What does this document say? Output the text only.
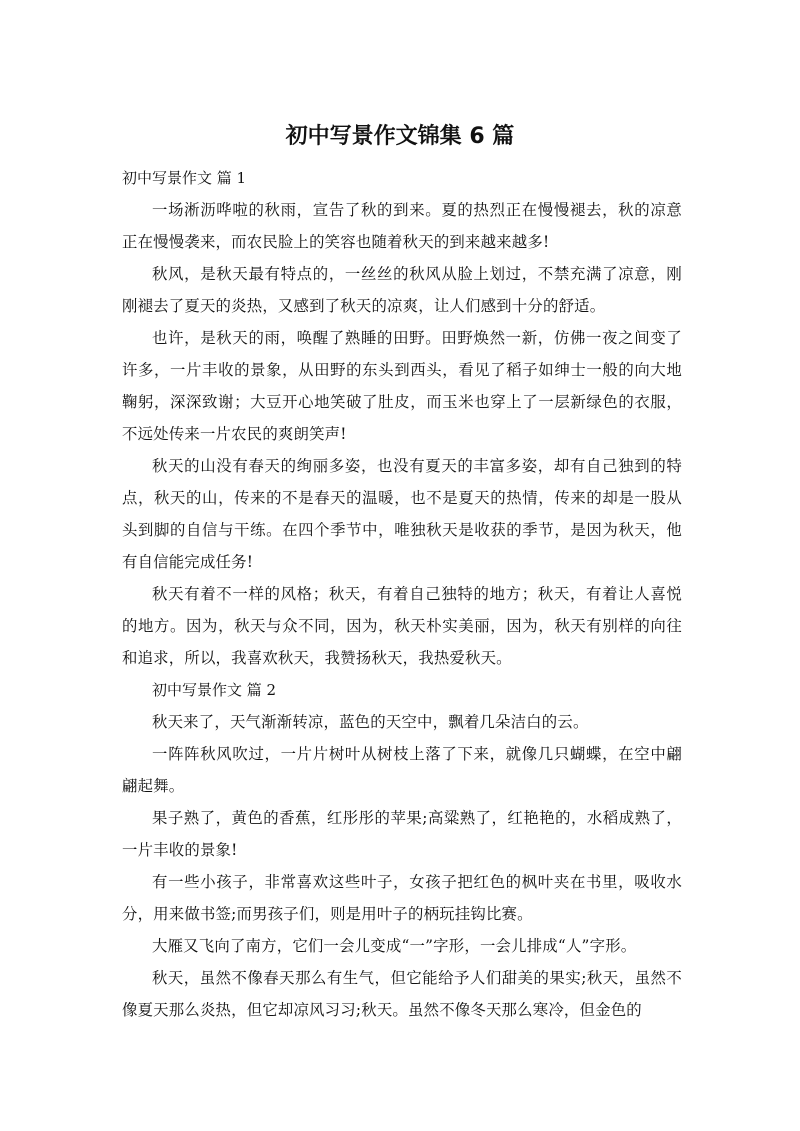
初中写景作文锦集 6 篇

初中写景作文 篇 1

一场淅沥哗啦的秋雨，宣告了秋的到来。夏的热烈正在慢慢褪去，秋的凉意正在慢慢袭来，而农民脸上的笑容也随着秋天的到来越来越多!

秋风，是秋天最有特点的，一丝丝的秋风从脸上划过，不禁充满了凉意，刚刚褪去了夏天的炎热，又感到了秋天的凉爽，让人们感到十分的舒适。

也许，是秋天的雨，唤醒了熟睡的田野。田野焕然一新，仿佛一夜之间变了许多，一片丰收的景象，从田野的东头到西头，看见了稻子如绅士一般的向大地鞠躬，深深致谢；大豆开心地笑破了肚皮，而玉米也穿上了一层新绿色的衣服，不远处传来一片农民的爽朗笑声!

秋天的山没有春天的绚丽多姿，也没有夏天的丰富多姿，却有自己独到的特点，秋天的山，传来的不是春天的温暖，也不是夏天的热情，传来的却是一股从头到脚的自信与干练。在四个季节中，唯独秋天是收获的季节，是因为秋天，他有自信能完成任务!

秋天有着不一样的风格；秋天，有着自己独特的地方；秋天，有着让人喜悦的地方。因为，秋天与众不同，因为，秋天朴实美丽，因为，秋天有别样的向往和追求，所以，我喜欢秋天，我赞扬秋天，我热爱秋天。

初中写景作文 篇 2

秋天来了，天气渐渐转凉，蓝色的天空中，飘着几朵洁白的云。

一阵阵秋风吹过，一片片树叶从树枝上落了下来，就像几只蝴蝶，在空中翩翩起舞。

果子熟了，黄色的香蕉，红彤彤的苹果;高粱熟了，红艳艳的，水稻成熟了，一片丰收的景象!

有一些小孩子，非常喜欢这些叶子，女孩子把红色的枫叶夹在书里，吸收水分，用来做书签;而男孩子们，则是用叶子的柄玩挂钩比赛。

大雁又飞向了南方，它们一会儿变成“一”字形，一会儿排成“人”字形。

秋天，虽然不像春天那么有生气，但它能给予人们甜美的果实;秋天，虽然不像夏天那么炎热，但它却凉风习习;秋天。虽然不像冬天那么寒冷，但金色的
